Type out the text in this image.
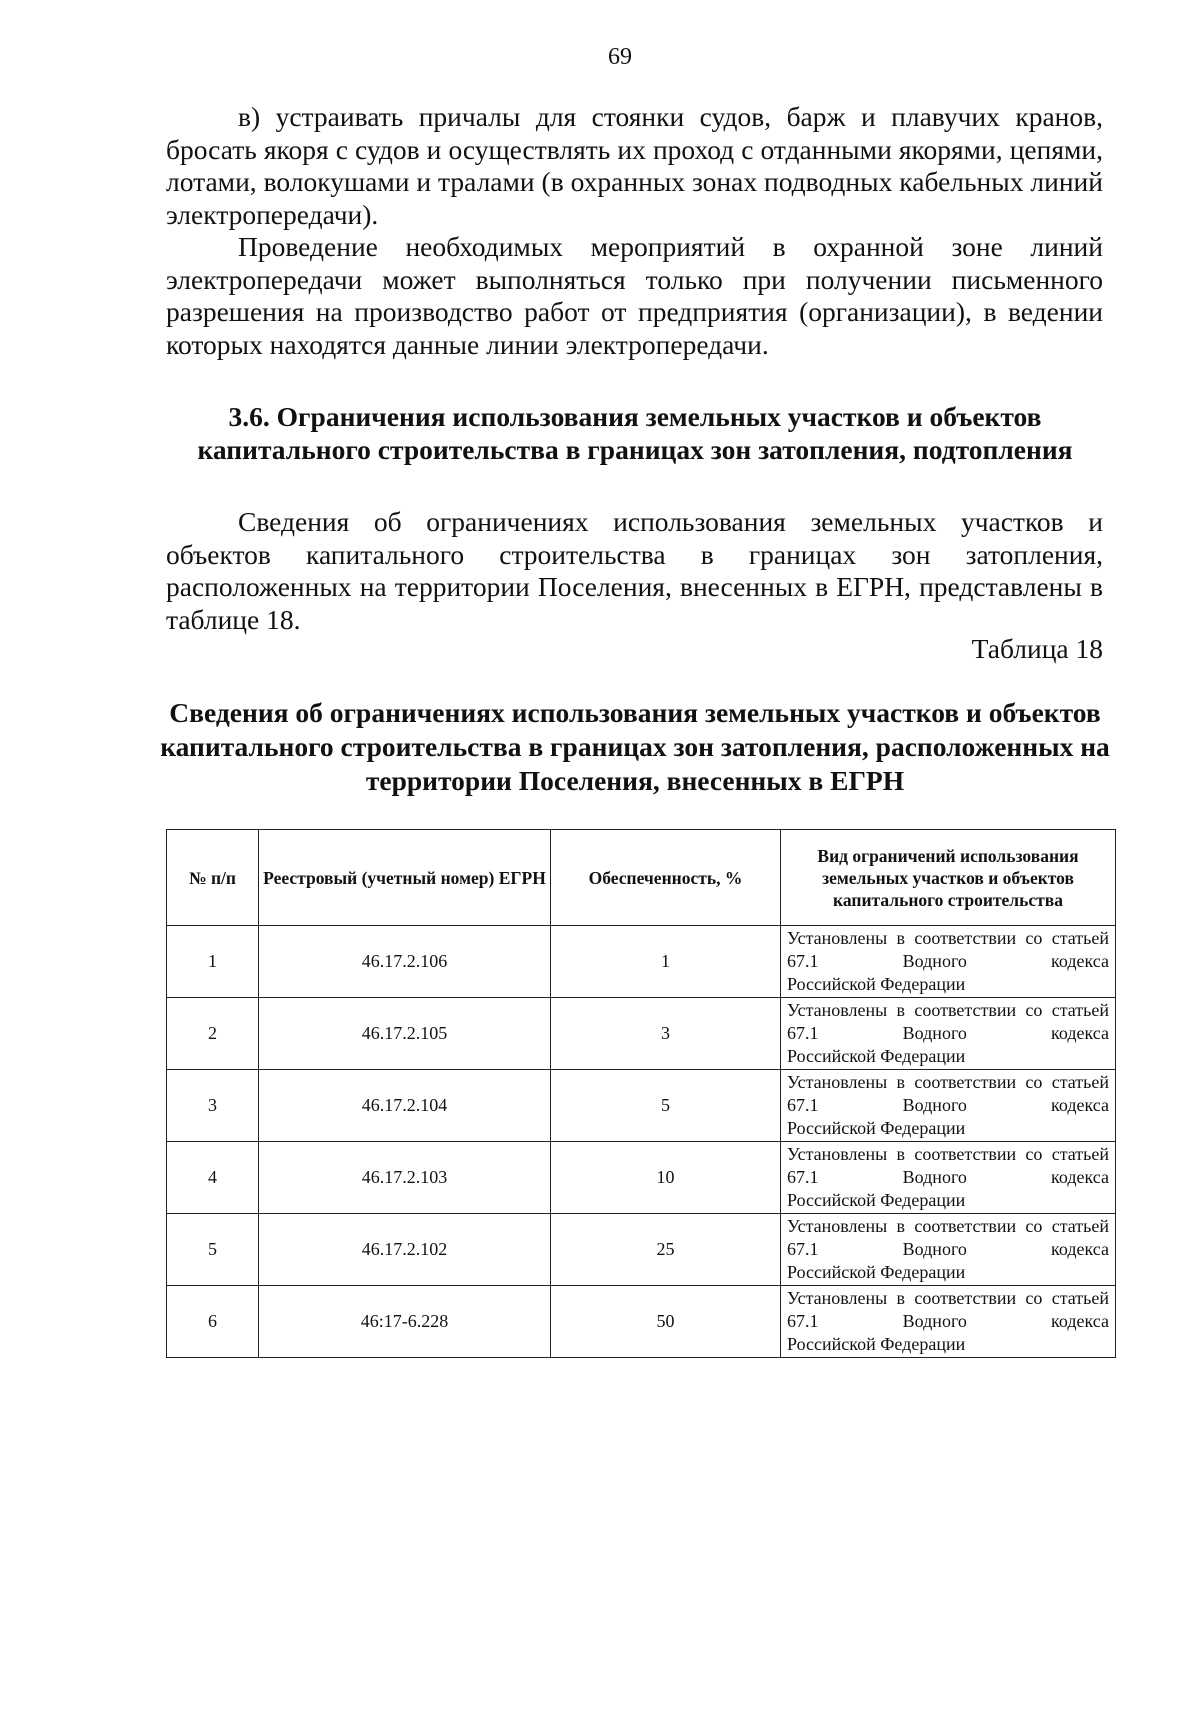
69

в) устраивать причалы для стоянки судов, барж и плавучих кранов, бросать якоря с судов и осуществлять их проход с отданными якорями, цепями, лотами, волокушами и тралами (в охранных зонах подводных кабельных линий электропередачи).

Проведение необходимых мероприятий в охранной зоне линий электропередачи может выполняться только при получении письменного разрешения на производство работ от предприятия (организации), в ведении которых находятся данные линии электропередачи.

3.6. Ограничения использования земельных участков и объектов капитального строительства в границах зон затопления, подтопления

Сведения об ограничениях использования земельных участков и объектов капитального строительства в границах зон затопления, расположенных на территории Поселения, внесенных в ЕГРН, представлены в таблице 18.

Таблица 18
Сведения об ограничениях использования земельных участков и объектов капитального строительства в границах зон затопления, расположенных на территории Поселения, внесенных в ЕГРН
№ п/п	Реестровый (учетный номер) ЕГРН	Обеспеченность, %	Вид ограничений использования земельных участков и объектов капитального строительства
1	46.17.2.106	1	Установлены в соответствии со статьей 67.1 Водного кодекса
Российской Федерации

2	46.17.2.105	3	Установлены в соответствии со статьей 67.1 Водного кодекса
Российской Федерации

3	46.17.2.104	5	Установлены в соответствии со статьей 67.1 Водного кодекса
Российской Федерации

4	46.17.2.103	10	Установлены в соответствии со статьей 67.1 Водного кодекса
Российской Федерации

5	46.17.2.102	25	Установлены в соответствии со статьей 67.1 Водного кодекса
Российской Федерации

6	46:17-6.228	50	Установлены в соответствии со статьей 67.1 Водного кодекса
Российской Федерации
